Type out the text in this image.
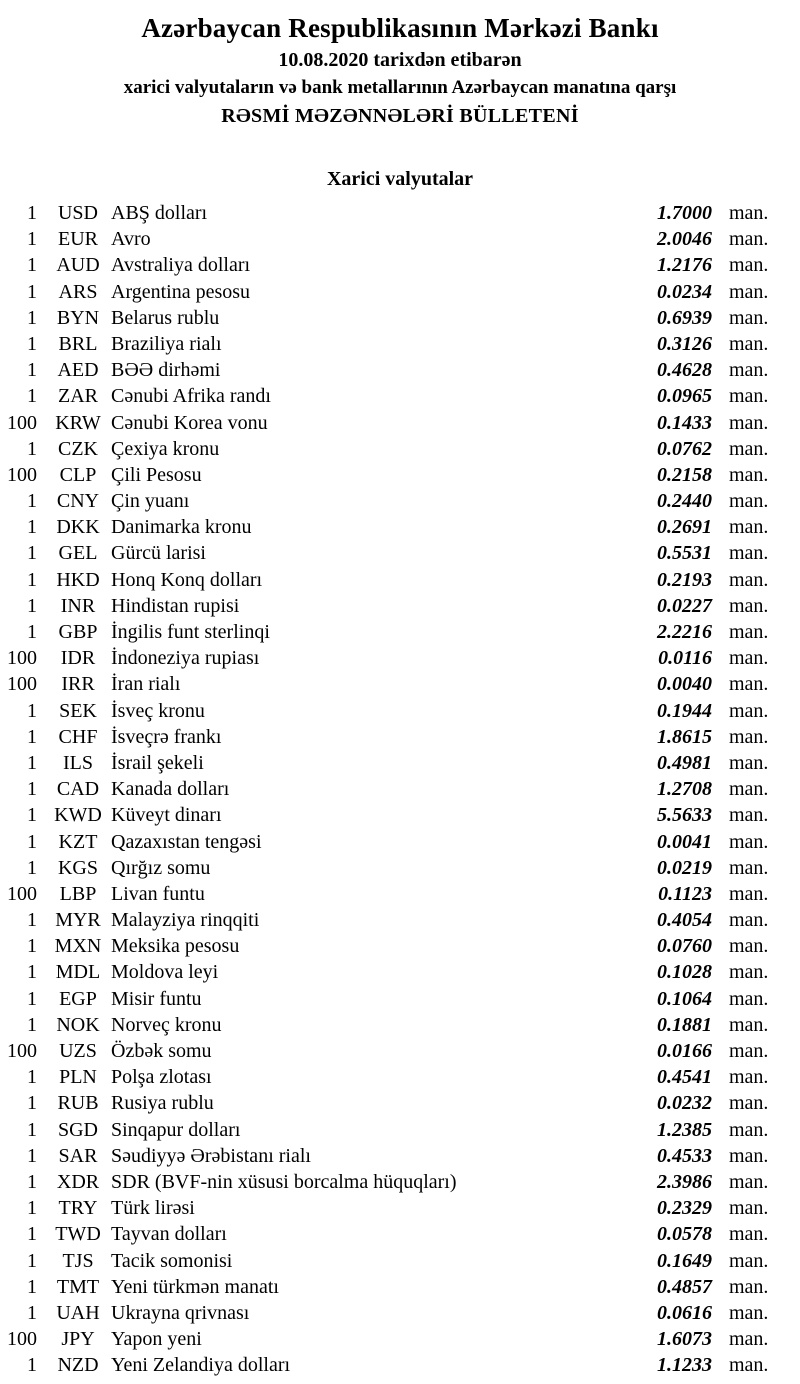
Azərbaycan Respublikasının Mərkəzi Bankı
10.08.2020 tarixdən etibarən
xarici valyutaların və bank metallarının Azərbaycan manatına qarşı
RƏSMİ MƏZƏNNƏLƏRİ BÜLLETENİ
Xarici valyutalar
1	USD ABŞ dolları	1.7000 man.
1	EUR Avro	2.0046 man.
1 AUD Avstraliya dolları	1.2176 man.
1	ARS Argentina pesosu	0.0234 man.
1 BYN Belarus rublu	0.6939 man.
1	BRL Braziliya rialı	0.3126 man.
1	AED BƏƏ dirhəmi	0.4628 man.
1	ZAR Cənubi Afrika randı	0.0965 man.
100 KRW Cənubi Korea vonu	0.1433 man.
1	CZK Çexiya kronu	0.0762 man.
100	CLP Çili Pesosu	0.2158 man.
1 CNY Çin yuanı	0.2440 man.
1 DKK Danimarka kronu	0.2691 man.
1	GEL Gürcü larisi	0.5531 man.
1 HKD Honq Konq dolları	0.2193 man.
1	INR Hindistan rupisi	0.0227 man.
1	GBP İngilis funt sterlinqi	2.2216 man.
100	IDR İndoneziya rupiası	0.0116 man.
100	IRR İran rialı	0.0040 man.
1	SEK İsveç kronu	0.1944 man.
1	CHF İsveçrə frankı	1.8615 man.
1	ILS İsrail şekeli	0.4981 man.
1 CAD Kanada dolları	1.2708 man.
1 KWD Küveyt dinarı	5.5633 man.
1	KZT Qazaxıstan tengəsi	0.0041 man.
1	KGS Qırğız somu	0.0219 man.
100	LBP Livan funtu	0.1123 man.
1 MYR Malayziya rinqqiti	0.4054 man.
1 MXN Meksika pesosu	0.0760 man.
1 MDL Moldova leyi	0.1028 man.
1	EGP Misir funtu	0.1064 man.
1 NOK Norveç kronu	0.1881 man.
100	UZS Özbək somu	0.0166 man.
1	PLN Polşa zlotası	0.4541 man.
1	RUB Rusiya rublu	0.0232 man.
1	SGD Sinqapur dolları	1.2385 man.
1	SAR Səudiyyə Ərəbistanı rialı	0.4533 man.
1 XDR SDR (BVF-nin xüsusi borcalma hüquqları)	2.3986 man.
1	TRY Türk lirəsi	0.2329 man.
1 TWD Tayvan dolları	0.0578 man.
1	TJS Tacik somonisi	0.1649 man.
1 TMT Yeni türkmən manatı	0.4857 man.
1 UAH Ukrayna qrivnası	0.0616 man.
100	JPY Yapon yeni	1.6073 man.
1	NZD Yeni Zelandiya dolları	1.1233 man.
